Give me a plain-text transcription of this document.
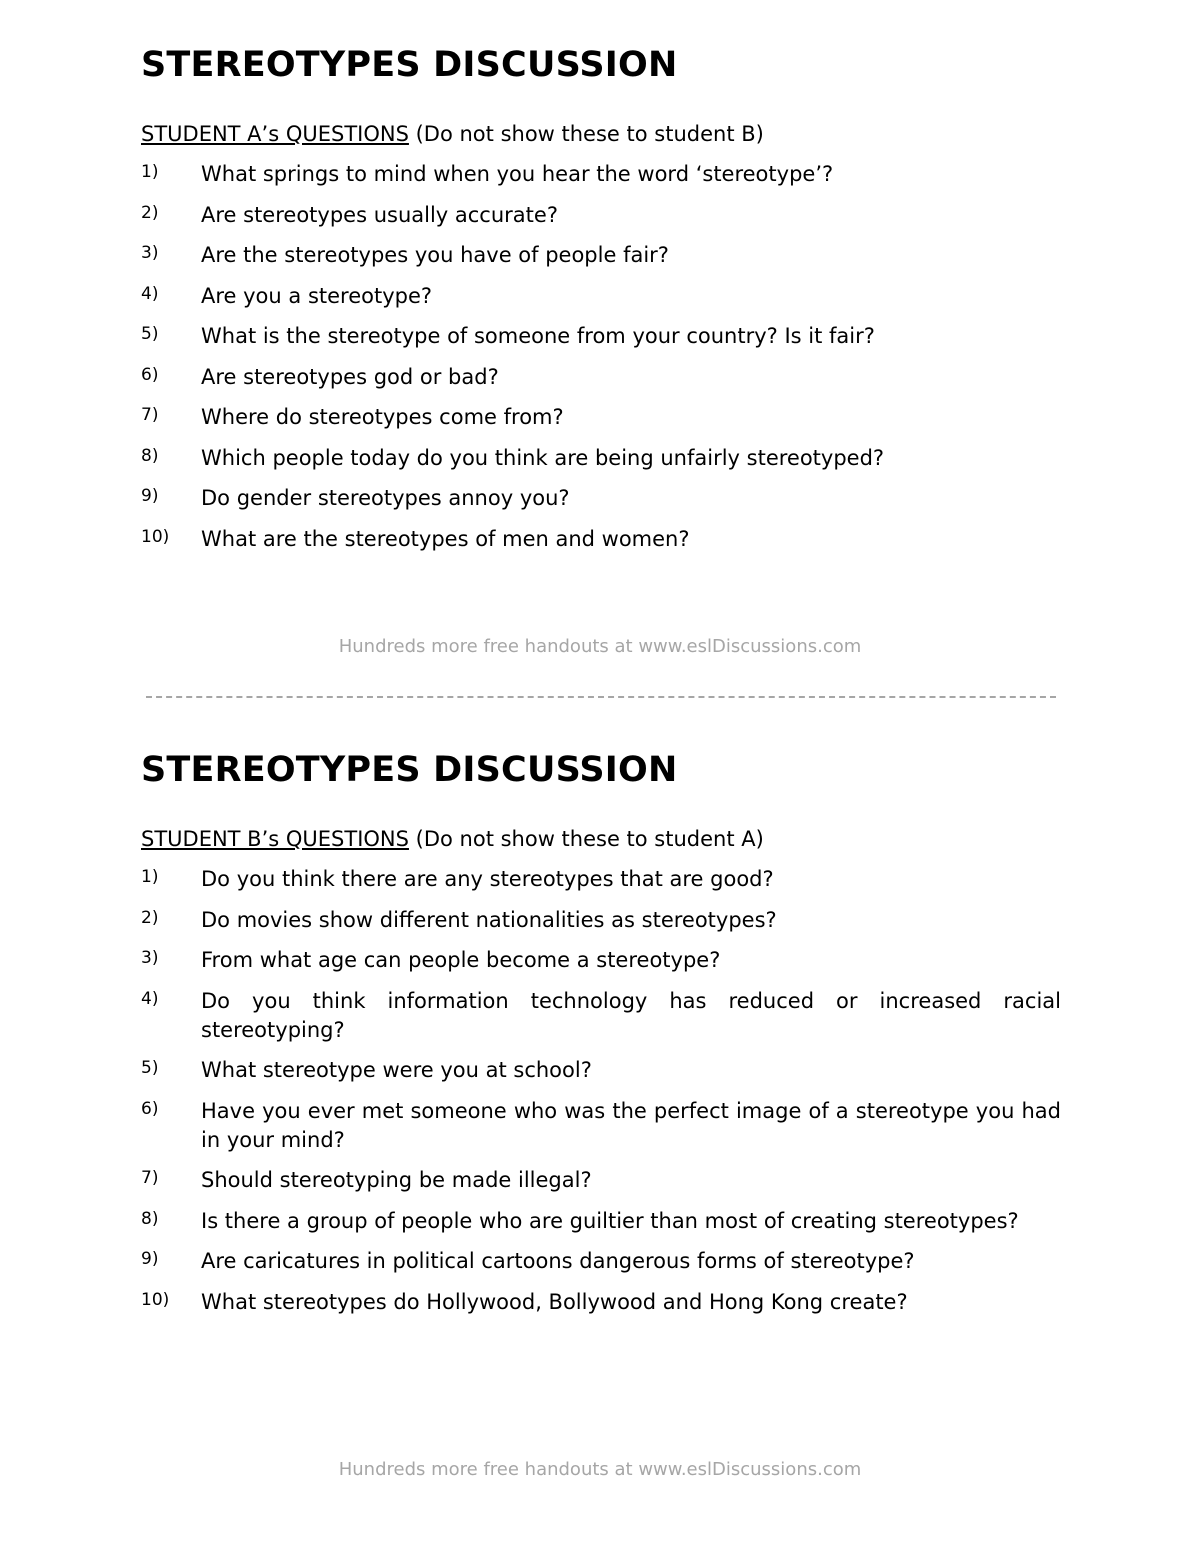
STEREOTYPES DISCUSSION
STUDENT A’s QUESTIONS (Do not show these to student B)
1) What springs to mind when you hear the word ‘stereotype’?
2) Are stereotypes usually accurate?
3) Are the stereotypes you have of people fair?
4) Are you a stereotype?
5) What is the stereotype of someone from your country? Is it fair?
6) Are stereotypes god or bad?
7) Where do stereotypes come from?
8) Which people today do you think are being unfairly stereotyped?
9) Do gender stereotypes annoy you?
10) What are the stereotypes of men and women?
Hundreds more free handouts at www.eslDiscussions.com
STEREOTYPES DISCUSSION
STUDENT B’s QUESTIONS (Do not show these to student A)
1) Do you think there are any stereotypes that are good?
2) Do movies show different nationalities as stereotypes?
3) From what age can people become a stereotype?
4) Do you think information technology has reduced or increased racial stereotyping?
5) What stereotype were you at school?
6) Have you ever met someone who was the perfect image of a stereotype you had in your mind?
7) Should stereotyping be made illegal?
8) Is there a group of people who are guiltier than most of creating stereotypes?
9) Are caricatures in political cartoons dangerous forms of stereotype?
10) What stereotypes do Hollywood, Bollywood and Hong Kong create?
Hundreds more free handouts at www.eslDiscussions.com
